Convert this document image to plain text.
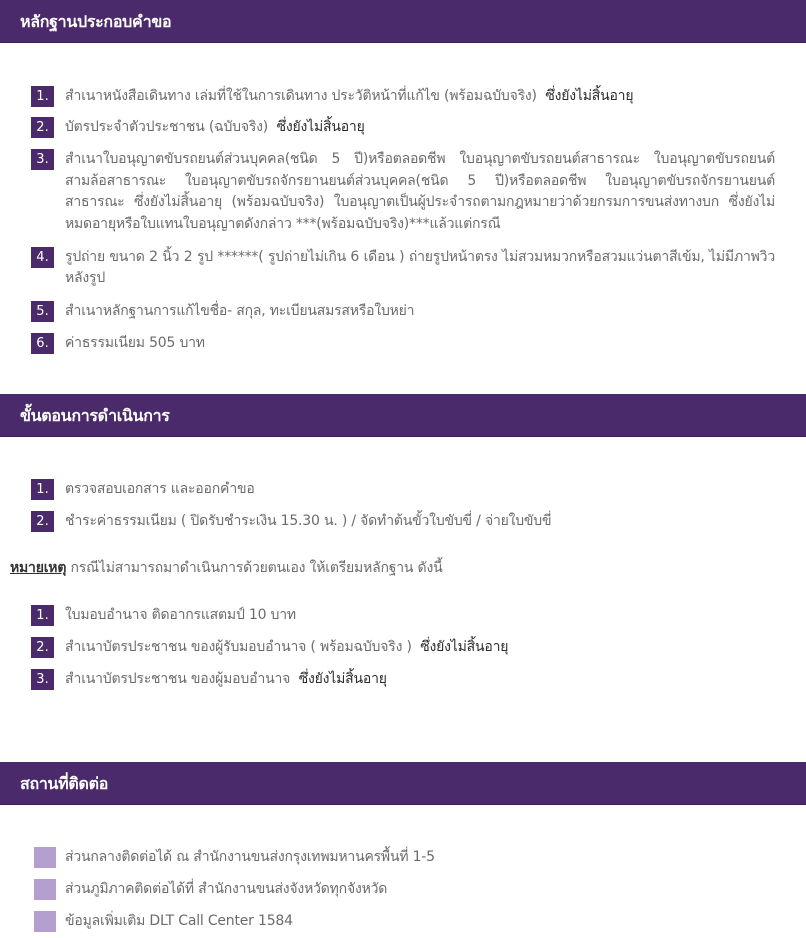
หลักฐานประกอบคำขอ
1.	สำเนาหนังสือเดินทาง เล่มที่ใช้ในการเดินทาง ประวัติหน้าที่แก้ไข (พร้อมฉบับจริง) ซึ่งยังไม่สิ้นอายุ
2.	บัตรประจำตัวประชาชน (ฉบับจริง) ซึ่งยังไม่สิ้นอายุ
3.	สำเนาใบอนุญาตขับรถยนต์ส่วนบุคคล(ชนิด 5 ปี)หรือตลอดชีพ ใบอนุญาตขับรถยนต์สาธารณะ ใบอนุญาตขับรถยนต์สามล้อสาธารณะ ใบอนุญาตขับรถจักรยานยนต์ส่วนบุคคล(ชนิด 5 ปี)หรือตลอดชีพ ใบอนุญาตขับรถจักรยานยนต์สาธารณะ ซึ่งยังไม่สิ้นอายุ (พร้อมฉบับจริง) ใบอนุญาตเป็นผู้ประจำรถตามกฎหมายว่าด้วยกรมการขนส่งทางบก ซึ่งยังไม่หมดอายุหรือใบแทนใบอนุญาตดังกล่าว ***(พร้อมฉบับจริง)***แล้วแต่กรณี
4.	รูปถ่าย ขนาด 2 นิ้ว 2 รูป ******( รูปถ่ายไม่เกิน 6 เดือน ) ถ่ายรูปหน้าตรง ไม่สวมหมวกหรือสวมแว่นตาสีเข้ม, ไม่มีภาพวิวหลังรูป
5.	สำเนาหลักฐานการแก้ไขชื่อ- สกุล, ทะเบียนสมรสหรือใบหย่า
6.	ค่าธรรมเนียม 505 บาท
ขั้นตอนการดำเนินการ
1.	ตรวจสอบเอกสาร และออกคำขอ
2.	ชำระค่าธรรมเนียม ( ปิดรับชำระเงิน 15.30 น. ) / จัดทำต้นขั้วใบขับขี่ / จ่ายใบขับขี่
หมายเหตุ กรณีไม่สามารถมาดำเนินการด้วยตนเอง ให้เตรียมหลักฐาน ดังนี้
1.	ใบมอบอำนาจ ติดอากรแสตมป์ 10 บาท
2.	สำเนาบัตรประชาชน ของผู้รับมอบอำนาจ ( พร้อมฉบับจริง ) ซึ่งยังไม่สิ้นอายุ
3.	สำเนาบัตรประชาชน ของผู้มอบอำนาจ ซึ่งยังไม่สิ้นอายุ
สถานที่ติดต่อ
ส่วนกลางติดต่อได้ ณ สำนักงานขนส่งกรุงเทพมหานครพื้นที่ 1-5
ส่วนภูมิภาคติดต่อได้ที่ สำนักงานขนส่งจังหวัดทุกจังหวัด
ข้อมูลเพิ่มเติม DLT Call Center 1584
